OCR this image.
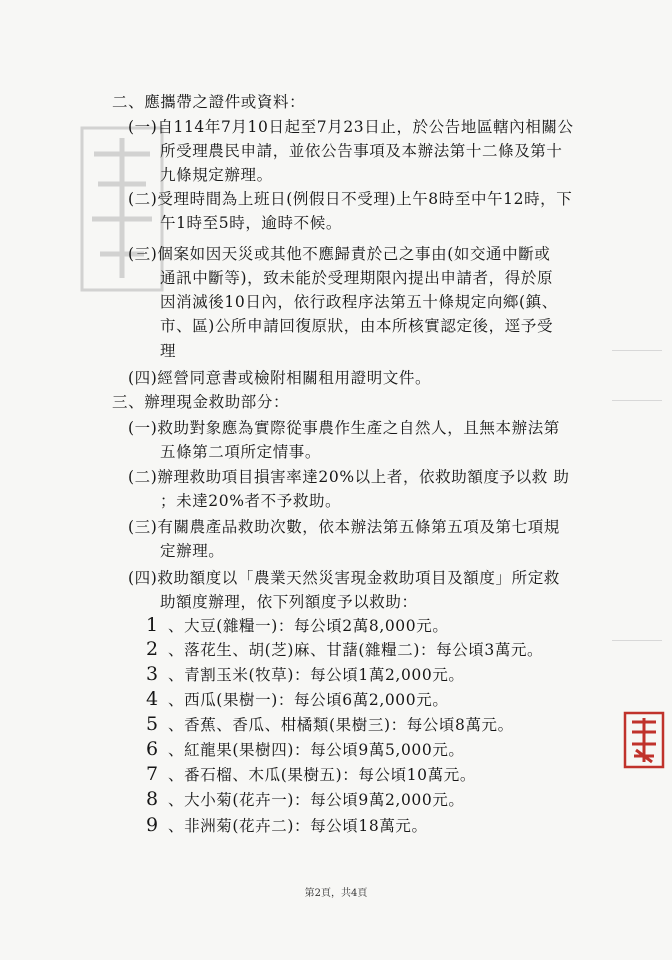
二、應攜帶之證件或資料：
(一)自114年7月10日起至7月23日止，於公告地區轄內相關公
所受理農民申請，並依公告事項及本辦法第十二條及第十
九條規定辦理。
(二)受理時間為上班日(例假日不受理)上午8時至中午12時，下
午1時至5時，逾時不候。
(三)個案如因天災或其他不應歸責於己之事由(如交通中斷或
通訊中斷等)，致未能於受理期限內提出申請者，得於原
因消滅後10日內，依行政程序法第五十條規定向鄉(鎮、
市、區)公所申請回復原狀，由本所核實認定後，逕予受
理
(四)經營同意書或檢附相關租用證明文件。
三、辦理現金救助部分：
(一)救助對象應為實際從事農作生產之自然人，且無本辦法第
五條第二項所定情事。
(二)辦理救助項目損害率達20%以上者，依救助額度予以救 助
；未達20%者不予救助。
(三)有關農產品救助次數，依本辦法第五條第五項及第七項規
定辦理。
(四)救助額度以「農業天然災害現金救助項目及額度」所定救
助額度辦理，依下列額度予以救助：
1 、大豆(雜糧一)：每公頃2萬8,000元。
2 、落花生、胡(芝)麻、甘藷(雜糧二)：每公頃3萬元。
3 、青割玉米(牧草)：每公頃1萬2,000元。
4 、西瓜(果樹一)：每公頃6萬2,000元。
5 、香蕉、香瓜、柑橘類(果樹三)：每公頃8萬元。
6 、紅龍果(果樹四)：每公頃9萬5,000元。
7 、番石榴、木瓜(果樹五)：每公頃10萬元。
8 、大小菊(花卉一)：每公頃9萬2,000元。
9 、非洲菊(花卉二)：每公頃18萬元。
第2頁，共4頁
